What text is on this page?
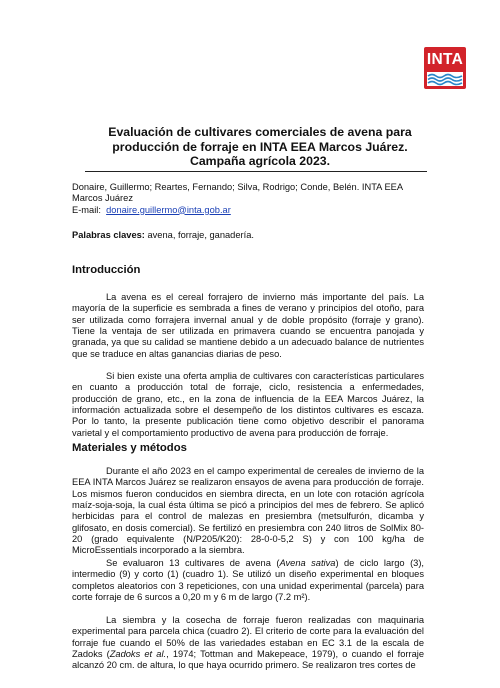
INTA
Evaluación de cultivares comerciales de avena para
producción de forraje en INTA EEA Marcos Juárez.
Campaña agrícola 2023.
Donaire, Guillermo; Reartes, Fernando; Silva, Rodrigo; Conde, Belén. INTA EEA
Marcos Juárez
E-mail: donaire.guillermo@inta.gob.ar
Palabras claves: avena, forraje, ganadería.
Introducción
La avena es el cereal forrajero de invierno más importante del país. La mayoría de la superficie es sembrada a fines de verano y principios del otoño, para ser utilizada como forrajera invernal anual y de doble propósito (forraje y grano). Tiene la ventaja de ser utilizada en primavera cuando se encuentra panojada y granada, ya que su calidad se mantiene debido a un adecuado balance de nutrientes que se traduce en altas ganancias diarias de peso.
Si bien existe una oferta amplia de cultivares con características particulares en cuanto a producción total de forraje, ciclo, resistencia a enfermedades, producción de grano, etc., en la zona de influencia de la EEA Marcos Juárez, la información actualizada sobre el desempeño de los distintos cultivares es escaza. Por lo tanto, la presente publicación tiene como objetivo describir el panorama varietal y el comportamiento productivo de avena para producción de forraje.
Materiales y métodos
Durante el año 2023 en el campo experimental de cereales de invierno de la EEA INTA Marcos Juárez se realizaron ensayos de avena para producción de forraje. Los mismos fueron conducidos en siembra directa, en un lote con rotación agrícola maíz-soja-soja, la cual ésta última se picó a principios del mes de febrero. Se aplicó herbicidas para el control de malezas en presiembra (metsulfurón, dicamba y glifosato, en dosis comercial). Se fertilizó en presiembra con 240 litros de SolMix 80-20 (grado equivalente (N/P205/K20): 28-0-0-5,2 S) y con 100 kg/ha de MicroEssentials incorporado a la siembra.
Se evaluaron 13 cultivares de avena (Avena sativa) de ciclo largo (3), intermedio (9) y corto (1) (cuadro 1). Se utilizó un diseño experimental en bloques completos aleatorios con 3 repeticiones, con una unidad experimental (parcela) para corte forraje de 6 surcos a 0,20 m y 6 m de largo (7.2 m²).
La siembra y la cosecha de forraje fueron realizadas con maquinaria experimental para parcela chica (cuadro 2). El criterio de corte para la evaluación del forraje fue cuando el 50% de las variedades estaban en EC 3.1 de la escala de Zadoks (Zadoks et al., 1974; Tottman and Makepeace, 1979), o cuando el forraje alcanzó 20 cm. de altura, lo que haya ocurrido primero. Se realizaron tres cortes de
